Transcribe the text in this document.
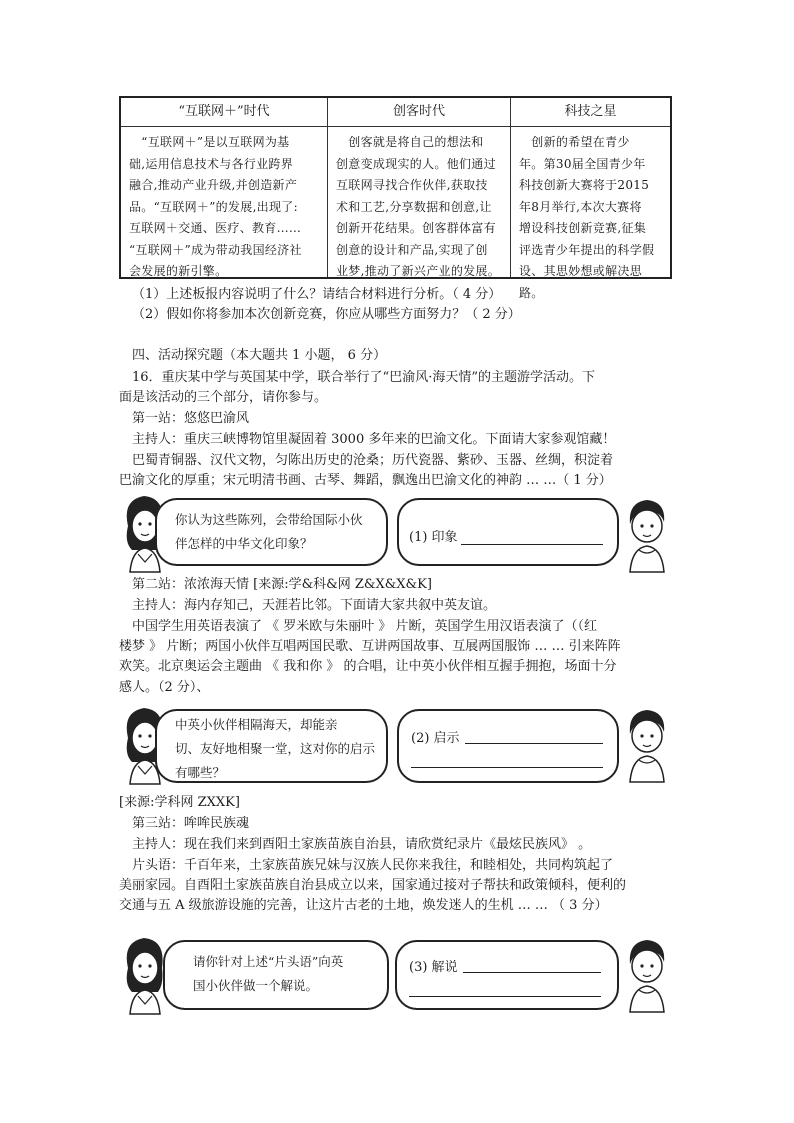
“互联网＋”时代
　“互联网＋”是以互联网为基
础,运用信息技术与各行业跨界
融合,推动产业升级,并创造新产
品。“互联网＋”的发展,出现了:
互联网＋交通、医疗、教育……
“互联网＋”成为带动我国经济社
会发展的新引擎。
创客时代
　创客就是将自己的想法和
创意变成现实的人。他们通过
互联网寻找合作伙伴,获取技
术和工艺,分享数据和创意,让
创新开花结果。创客群体富有
创意的设计和产品,实现了创
业梦,推动了新兴产业的发展。
科技之星
　创新的希望在青少
年。第30届全国青少年
科技创新大赛将于2015
年8月举行,本次大赛将
增设科技创新竞赛,征集
评选青少年提出的科学假
设、其思妙想或解决思路。
（1）上述板报内容说明了什么？请结合材料进行分析。（ 4 分）
（2）假如你将参加本次创新竞赛，你应从哪些方面努力？（ 2 分）
四、活动探究题（本大题共 1 小题， 6 分）
16．重庆某中学与英国某中学，联合举行了“巴渝风·海天情”的主题游学活动。下
面是该活动的三个部分，请你参与。
第一站：悠悠巴渝风
主持人：重庆三峡博物馆里凝固着 3000 多年来的巴渝文化。下面请大家参观馆藏！
巴蜀青铜器、汉代文物，匀陈出历史的沧桑；历代瓷器、紫砂、玉器、丝绸，积淀着
巴渝文化的厚重；宋元明清书画、古琴、舞蹈，飘逸出巴渝文化的神韵 … …（ 1 分）
你认为这些陈列，会带给国际小伙
伴怎样的中华文化印象？	(1) 印象
第二站：浓浓海天情 [来源:学&科&网 Z&X&X&K]
主持人：海内存知己，天涯若比邻。下面请大家共叙中英友谊。
中国学生用英语表演了 《 罗米欧与朱丽叶 》 片断，英国学生用汉语表演了（（红
楼梦 》 片断；两国小伙伴互唱两国民歌、互讲两国故事、互展两国服饰 … … 引来阵阵
欢笑。北京奥运会主题曲 《 我和你 》 的合唱，让中英小伙伴相互握手拥抱，场面十分
感人。（2 分）、
中英小伙伴相隔海天，却能亲
切、友好地相聚一堂，这对你的启示
有哪些？
(2) 启示
[来源:学科网 ZXXK]
第三站：哞哞民族魂
主持人：现在我们来到酉阳土家族苗族自治县，请欣赏纪录片《最炫民族风》 。
片头语：千百年来，土家族苗族兄妹与汉族人民你来我往，和睦相处，共同构筑起了
美丽家园。自酉阳土家族苗族自治县成立以来，国家通过接对子帮扶和政策倾科，便利的
交通与五 A 级旅游设施的完善，让这片古老的土地，焕发迷人的生机 … … （ 3 分）
请你针对上述“片头语”向英
国小伙伴做一个解说。
(3) 解说
